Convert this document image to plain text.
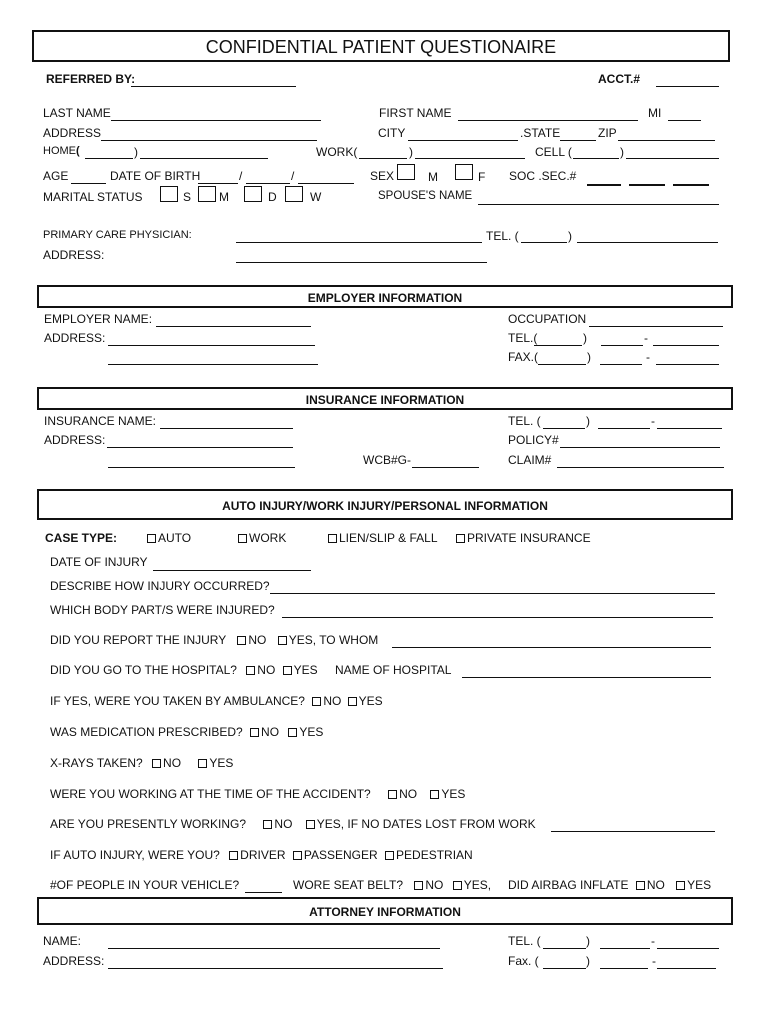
CONFIDENTIAL PATIENT QUESTIONAIRE
REFERRED BY:	ACCT.#
LAST NAME	FIRST NAME	MI
ADDRESS	CITY	.STATE	ZIP
HOME(	)	WORK(	)	CELL (	)
AGE	DATE OF BIRTH	/	/	SEX	M	F SOC .SEC.#
MARITAL STATUS	S M	D	W	SPOUSE'S NAME
PRIMARY CARE PHYSICIAN:	TEL. (	)
ADDRESS:
EMPLOYER INFORMATION
EMPLOYER NAME:
ADDRESS:
OCCUPATION
TEL.(	)	-
FAX.(	)	-
INSURANCE INFORMATION
INSURANCE NAME:
ADDRESS:
WCB#G-
TEL. (	)	-
POLICY#
CLAIM#
AUTO INJURY/WORK INJURY/PERSONAL INFORMATION
CASE TYPE:	AUTO	WORK	LIEN/SLIP & FALL	PRIVATE INSURANCE
DATE OF INJURY
DESCRIBE HOW INJURY OCCURRED?
WHICH BODY PART/S WERE INJURED?
DID YOU REPORT THE INJURY NO YES, TO WHOM
DID YOU GO TO THE HOSPITAL? NO YES NAME OF HOSPITAL
IF YES, WERE YOU TAKEN BY AMBULANCE? NO YES
WAS MEDICATION PRESCRIBED? NO YES
X-RAYS TAKEN? NO YES
WERE YOU WORKING AT THE TIME OF THE ACCIDENT? NO YES
ARE YOU PRESENTLY WORKING? NO YES, IF NO DATES LOST FROM WORK
IF AUTO INJURY, WERE YOU? DRIVER PASSENGER PEDESTRIAN
#OF PEOPLE IN YOUR VEHICLE?	WORE SEAT BELT? NO YES, DID AIRBAG INFLATE NO YES
ATTORNEY INFORMATION
NAME:
ADDRESS:
TEL. (	)	-
Fax. (	)	-
